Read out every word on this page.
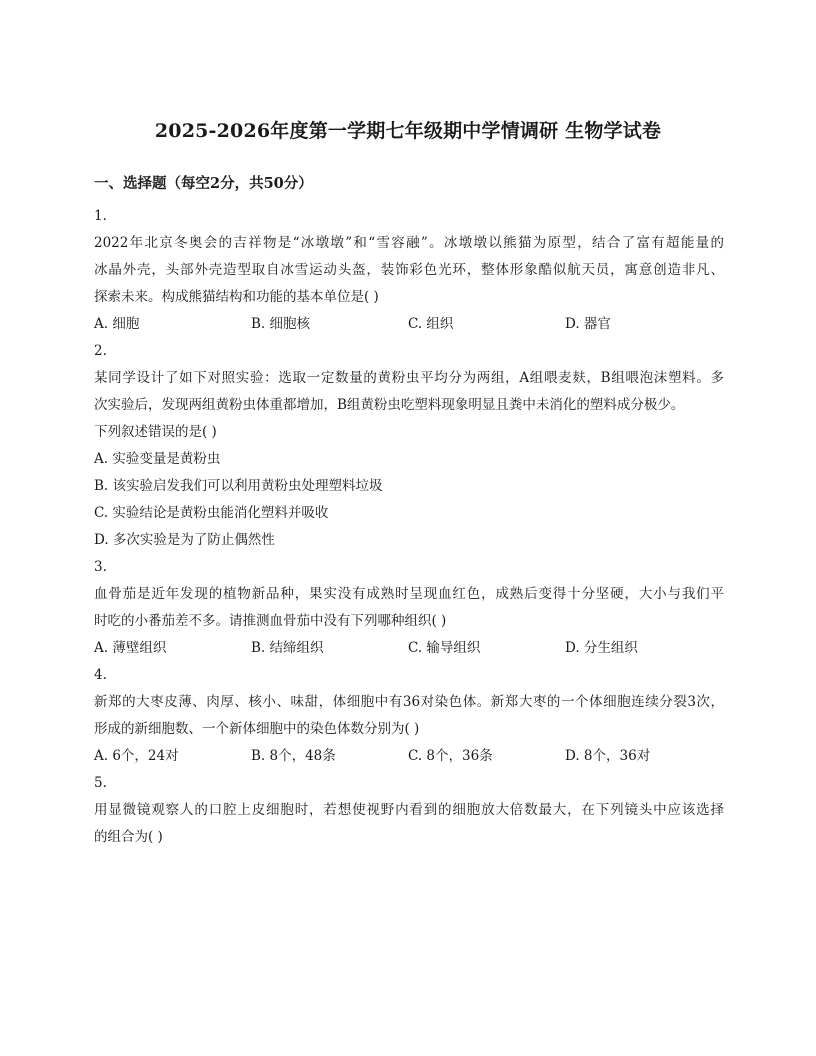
2025-2026年度第一学期七年级期中学情调研 生物学试卷
一、选择题（每空2分，共50分）
1.
2022年北京冬奥会的吉祥物是“冰墩墩”和“雪容融”。冰墩墩以熊猫为原型，结合了富有超能量的
冰晶外壳，头部外壳造型取自冰雪运动头盔，装饰彩色光环，整体形象酷似航天员，寓意创造非凡、
探索未来。构成熊猫结构和功能的基本单位是( )
A. 细胞	B. 细胞核	C. 组织	D. 器官
2.
某同学设计了如下对照实验：选取一定数量的黄粉虫平均分为两组，A组喂麦麸，B组喂泡沫塑料。多
次实验后，发现两组黄粉虫体重都增加，B组黄粉虫吃塑料现象明显且粪中未消化的塑料成分极少。
下列叙述错误的是( )
A. 实验变量是黄粉虫
B. 该实验启发我们可以利用黄粉虫处理塑料垃圾
C. 实验结论是黄粉虫能消化塑料并吸收
D. 多次实验是为了防止偶然性
3.
血骨茄是近年发现的植物新品种，果实没有成熟时呈现血红色，成熟后变得十分坚硬，大小与我们平
时吃的小番茄差不多。请推测血骨茄中没有下列哪种组织( )
A. 薄壁组织	B. 结缔组织	C. 输导组织	D. 分生组织
4.
新郑的大枣皮薄、肉厚、核小、味甜，体细胞中有36对染色体。新郑大枣的一个体细胞连续分裂3次，
形成的新细胞数、一个新体细胞中的染色体数分别为( )
A. 6个，24对	B. 8个，48条	C. 8个，36条	D. 8个，36对
5.
用显微镜观察人的口腔上皮细胞时，若想使视野内看到的细胞放大倍数最大，在下列镜头中应该选择
的组合为( )
